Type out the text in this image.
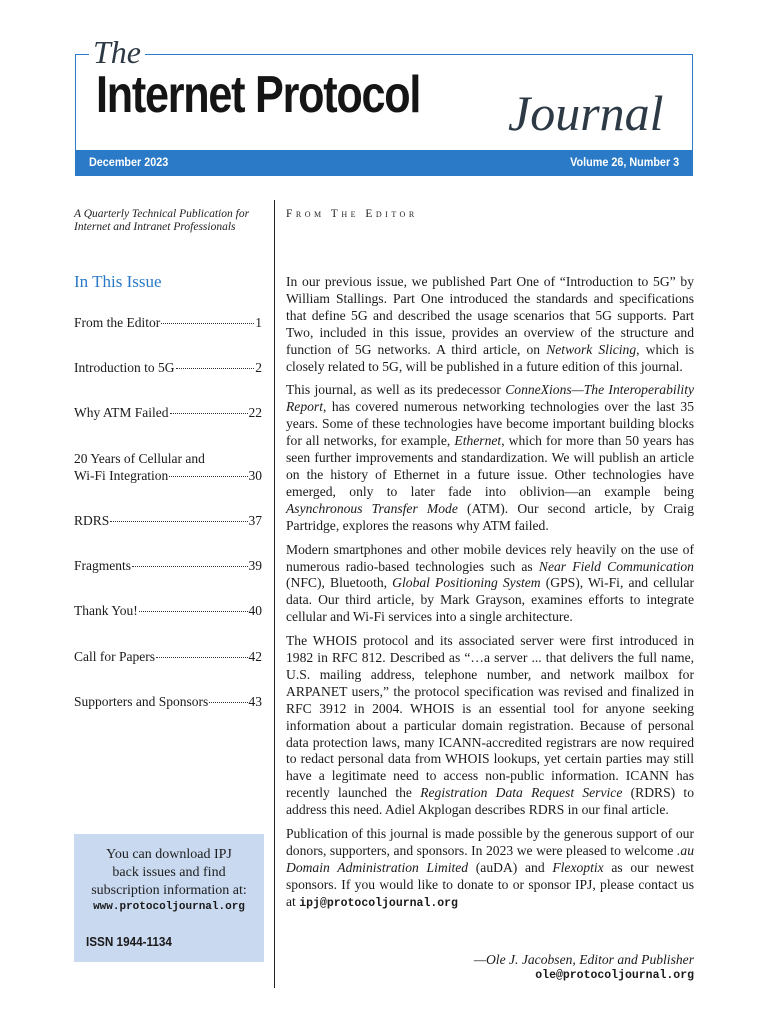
The
Internet Protocol Journal
December 2023	Volume 26, Number 3
A Quarterly Technical Publication for
Internet and Intranet Professionals
In This Issue
From the Editor	1
Introduction to 5G	2
Why ATM Failed	22
20 Years of Cellular and
Wi-Fi Integration	30
RDRS	37
Fragments	39
Thank You!	40
Call for Papers	42
Supporters and Sponsors	43
You can download IPJ
back issues and find
subscription information at:
www.protocoljournal.org
ISSN 1944-1134
From The Editor

In our previous issue, we published Part One of “Introduction to 5G” by William Stallings. Part One introduced the standards and specifications that define 5G and described the usage scenarios that 5G supports. Part Two, included in this issue, provides an overview of the structure and function of 5G networks. A third article, on Network Slicing, which is closely related to 5G, will be published in a future edition of this journal.

This journal, as well as its predecessor ConneXions—The Interoperability Report, has covered numerous networking technologies over the last 35 years. Some of these technologies have become important building blocks for all networks, for example, Ethernet, which for more than 50 years has seen further improvements and standardization. We will publish an article on the history of Ethernet in a future issue. Other technologies have emerged, only to later fade into oblivion—an example being Asynchronous Transfer Mode (ATM). Our second article, by Craig Partridge, explores the reasons why ATM failed.

Modern smartphones and other mobile devices rely heavily on the use of numerous radio-based technologies such as Near Field Communication (NFC), Bluetooth, Global Positioning System (GPS), Wi-Fi, and cellular data. Our third article, by Mark Grayson, examines efforts to integrate cellular and Wi-Fi services into a single architecture.

The WHOIS protocol and its associated server were first introduced in 1982 in RFC 812. Described as “…a server ... that delivers the full name, U.S. mailing address, telephone number, and network mailbox for ARPANET users,” the protocol specification was revised and finalized in RFC 3912 in 2004. WHOIS is an essential tool for anyone seeking information about a particular domain registration. Because of personal data protection laws, many ICANN-accredited registrars are now required to redact personal data from WHOIS lookups, yet certain parties may still have a legitimate need to access non-public information. ICANN has recently launched the Registration Data Request Service (RDRS) to address this need. Adiel Akplogan describes RDRS in our final article.

Publication of this journal is made possible by the generous support of our donors, supporters, and sponsors. In 2023 we were pleased to welcome .au Domain Administration Limited (auDA) and Flexoptix as our newest sponsors. If you would like to donate to or sponsor IPJ, please contact us at ipj@protocoljournal.org

—Ole J. Jacobsen, Editor and Publisher
ole@protocoljournal.org
